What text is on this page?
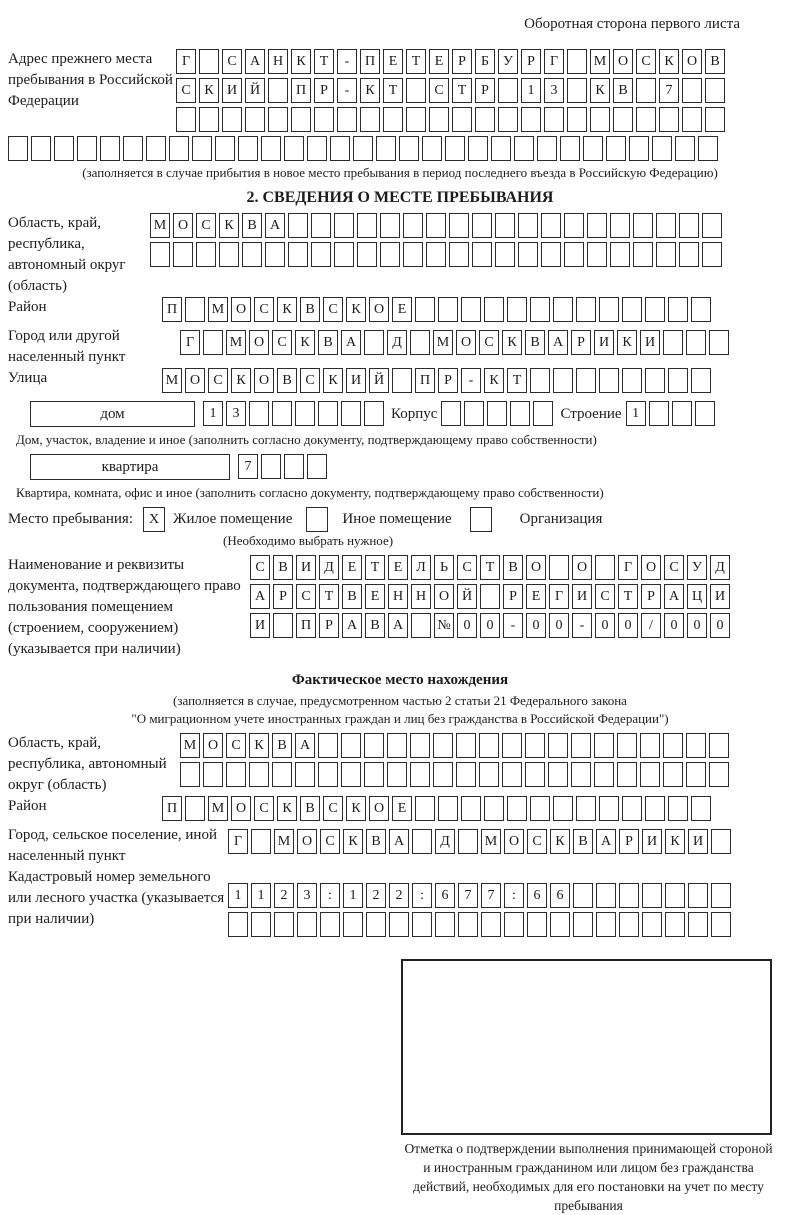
Оборотная сторона первого листа
Адрес прежнего места пребывания в Российской Федерации
Г	С А Н К Т - П Е Т Е Р Б У Р Г	М О С К О В
С К И Й	П Р - К Т	С Т Р	1 3	К В	7
(заполняется в случае прибытия в новое место пребывания в период последнего въезда в Российскую Федерацию)
2. СВЕДЕНИЯ О МЕСТЕ ПРЕБЫВАНИЯ
Область, край, республика, автономный округ (область)
М О С К В А
Район	П М О С К В С К О Е
Город или другой населенный пункт
Г	М О С К В А	Д М О С К В А Р И К И
Улица	М О С К О В С К И Й	П Р - К Т
дом	1 3	Корпус	Строение 1
Дом, участок, владение и иное (заполнить согласно документу, подтверждающему право собственности)
квартира	7
Квартира, комната, офис и иное (заполнить согласно документу, подтверждающему право собственности)
Место пребывания:	X Жилое помещение	Иное помещение	Организация
(Необходимо выбрать нужное)
Наименование и реквизиты документа, подтверждающего право пользования помещением (строением, сооружением) (указывается при наличии)
С В И Д Е Т Е Л Ь С Т В О	О	Г О С У Д
А Р С Т В Е Н Н О Й	Р Е Г И С Т Р А Ц И
И	П Р А В А № 0 0 - 0 0 - 0 0 / 0 0 0
Фактическое место нахождения
(заполняется в случае, предусмотренном частью 2 статьи 21 Федерального закона
"О миграционном учете иностранных граждан и лиц без гражданства в Российской Федерации")
Область, край, республика, автономный округ (область)
М О С К В А
Район	П М О С К В С К О Е
Город, сельское поселение, иной населенный пункт
Г	М О С К В А	Д М О С К В А Р И К И
Кадастровый номер земельного или лесного участка (указывается при наличии)
1 1 2 3 : 1 2 2 : 6 7 7 : 6 6
Отметка о подтверждении выполнения принимающей стороной и иностранным гражданином или лицом без гражданства действий, необходимых для его постановки на учет по месту пребывания
